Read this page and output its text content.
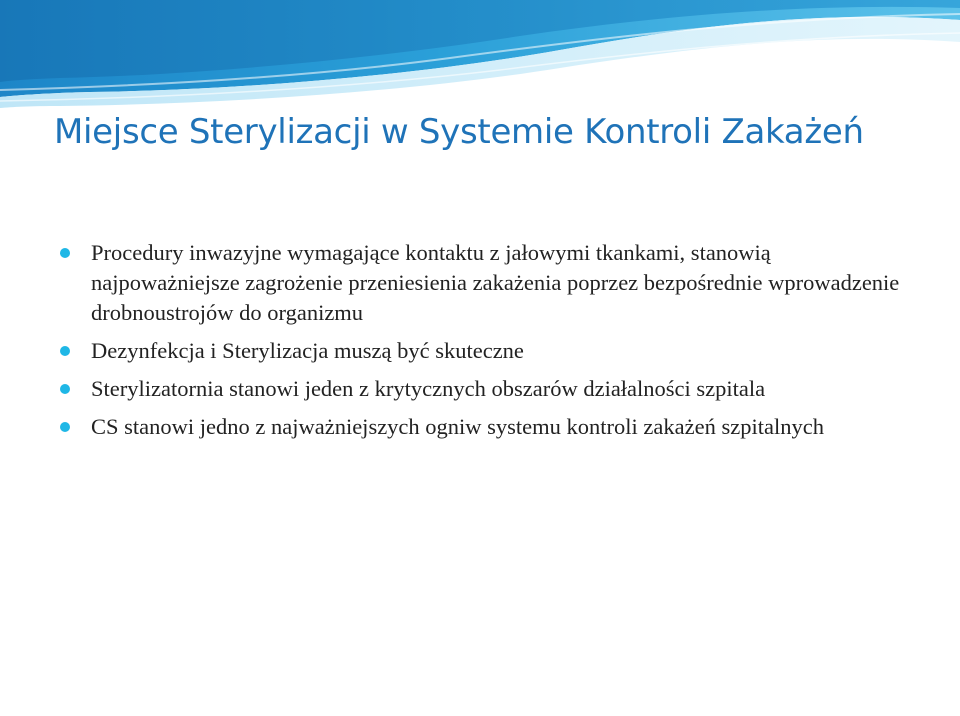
Miejsce Sterylizacji w Systemie Kontroli Zakażeń
Procedury inwazyjne wymagające kontaktu z jałowymi tkankami, stanowią najpoważniejsze zagrożenie przeniesienia zakażenia poprzez bezpośrednie wprowadzenie drobnoustrojów do organizmu
Dezynfekcja i Sterylizacja muszą być skuteczne
Sterylizatornia stanowi jeden z krytycznych obszarów działalności szpitala
CS stanowi jedno z najważniejszych ogniw systemu kontroli zakażeń szpitalnych
